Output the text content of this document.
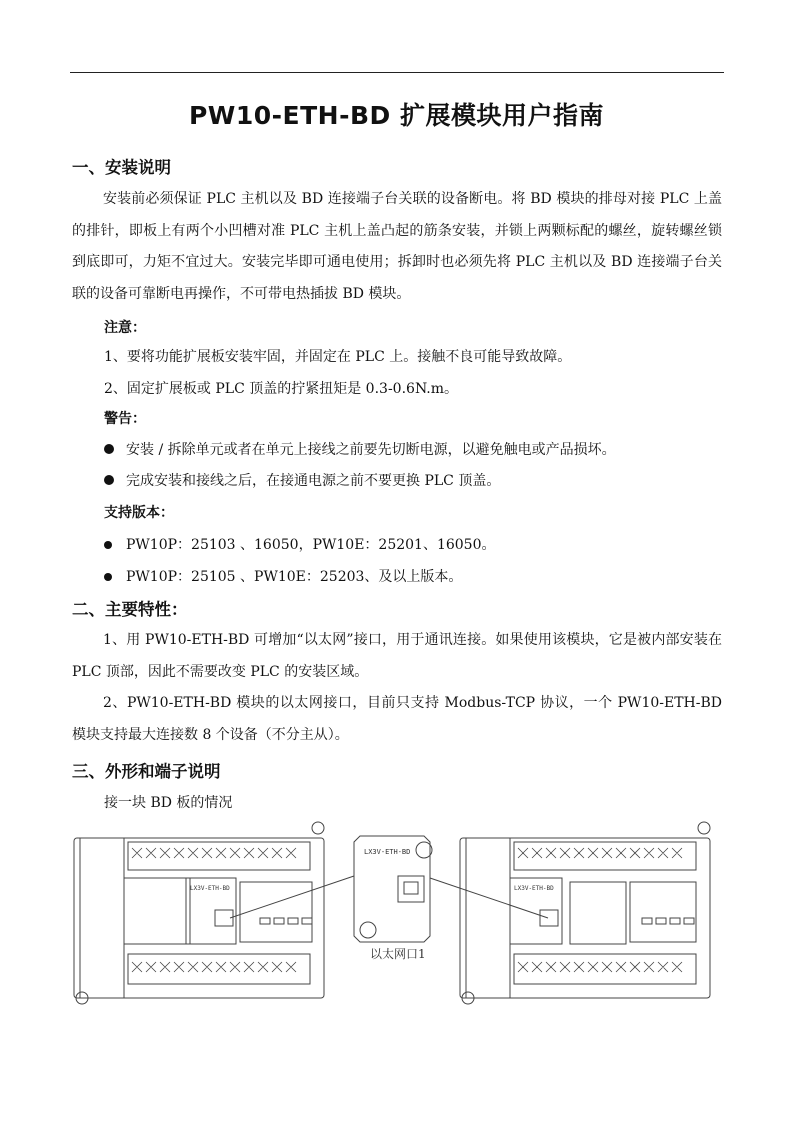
PW10-ETH-BD 扩展模块用户指南
一、安装说明
安装前必须保证 PLC 主机以及 BD 连接端子台关联的设备断电。将 BD 模块的排母对接 PLC 上盖的排针，即板上有两个小凹槽对准 PLC 主机上盖凸起的筋条安装，并锁上两颗标配的螺丝，旋转螺丝锁到底即可，力矩不宜过大。安装完毕即可通电使用；拆卸时也必须先将 PLC 主机以及 BD 连接端子台关联的设备可靠断电再操作，不可带电热插拔 BD 模块。
注意：
1、要将功能扩展板安装牢固，并固定在 PLC 上。接触不良可能导致故障。
2、固定扩展板或 PLC 顶盖的拧紧扭矩是 0.3-0.6N.m。
警告：
安装 / 拆除单元或者在单元上接线之前要先切断电源，以避免触电或产品损坏。
完成安装和接线之后，在接通电源之前不要更换 PLC 顶盖。
支持版本：
PW10P：25103 、16050，PW10E：25201、16050。
PW10P：25105 、PW10E：25203、及以上版本。
二、主要特性：
1、用 PW10-ETH-BD 可增加“以太网”接口，用于通讯连接。如果使用该模块，它是被内部安装在 PLC 顶部，因此不需要改变 PLC 的安装区域。
2、PW10-ETH-BD 模块的以太网接口，目前只支持 Modbus-TCP 协议，一个 PW10-ETH-BD 模块支持最大连接数 8 个设备（不分主从）。
三、外形和端子说明
接一块 BD 板的情况
LX3V-ETH-BD	LX3V-ETH-BD
LX3V-ETH-BD
以太网口1
